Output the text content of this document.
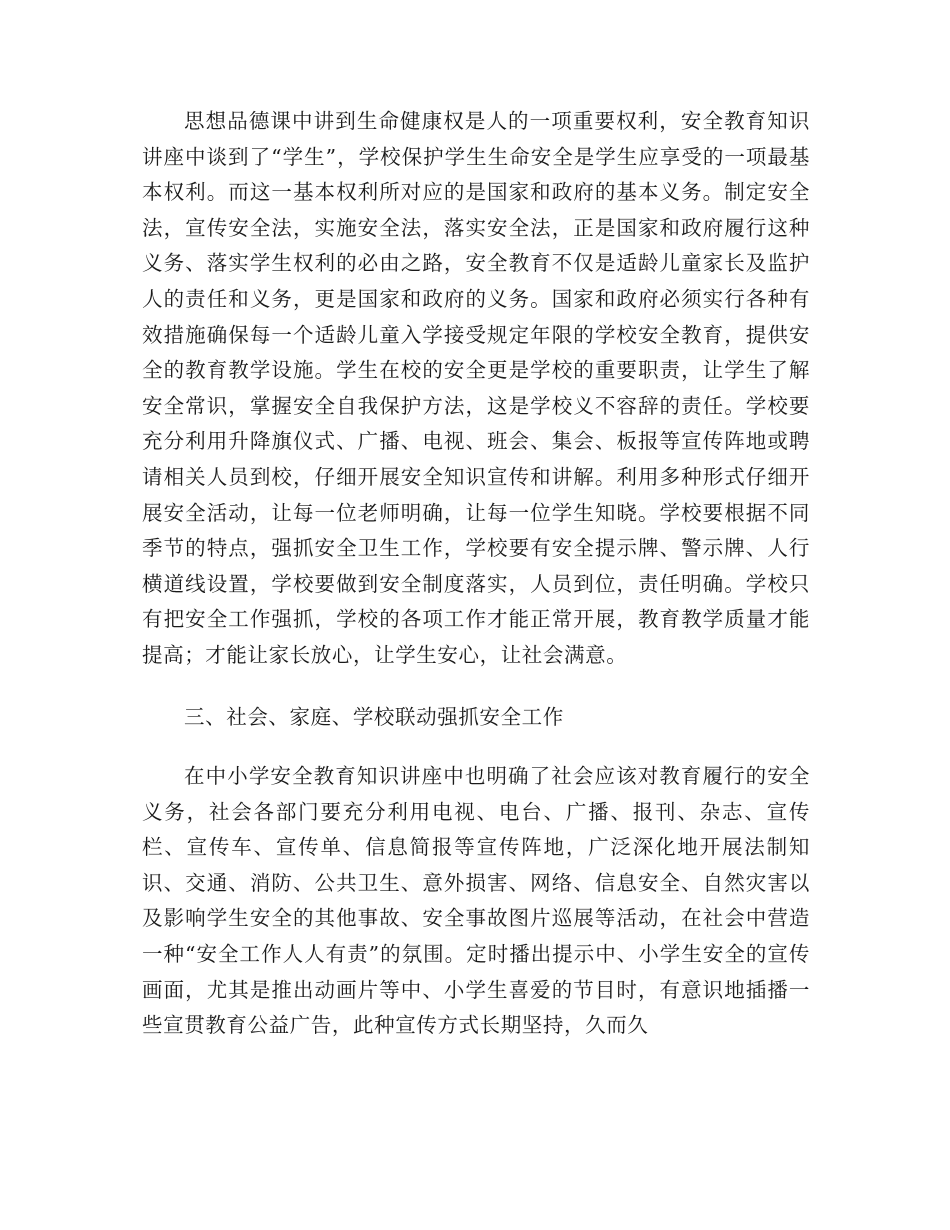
思想品德课中讲到生命健康权是人的一项重要权利，安全教育知识讲座中谈到了“学生”，学校保护学生生命安全是学生应享受的一项最基本权利。而这一基本权利所对应的是国家和政府的基本义务。制定安全法，宣传安全法，实施安全法，落实安全法，正是国家和政府履行这种义务、落实学生权利的必由之路，安全教育不仅是适龄儿童家长及监护人的责任和义务，更是国家和政府的义务。国家和政府必须实行各种有效措施确保每一个适龄儿童入学接受规定年限的学校安全教育，提供安全的教育教学设施。学生在校的安全更是学校的重要职责，让学生了解安全常识，掌握安全自我保护方法，这是学校义不容辞的责任。学校要充分利用升降旗仪式、广播、电视、班会、集会、板报等宣传阵地或聘请相关人员到校，仔细开展安全知识宣传和讲解。利用多种形式仔细开展安全活动，让每一位老师明确，让每一位学生知晓。学校要根据不同季节的特点，强抓安全卫生工作，学校要有安全提示牌、警示牌、人行横道线设置，学校要做到安全制度落实，人员到位，责任明确。学校只有把安全工作强抓，学校的各项工作才能正常开展，教育教学质量才能提高；才能让家长放心，让学生安心，让社会满意。

三、社会、家庭、学校联动强抓安全工作

在中小学安全教育知识讲座中也明确了社会应该对教育履行的安全义务，社会各部门要充分利用电视、电台、广播、报刊、杂志、宣传栏、宣传车、宣传单、信息简报等宣传阵地，广泛深化地开展法制知识、交通、消防、公共卫生、意外损害、网络、信息安全、自然灾害以及影响学生安全的其他事故、安全事故图片巡展等活动，在社会中营造一种“安全工作人人有责”的氛围。定时播出提示中、小学生安全的宣传画面，尤其是推出动画片等中、小学生喜爱的节目时，有意识地插播一些宣贯教育公益广告，此种宣传方式长期坚持，久而久
